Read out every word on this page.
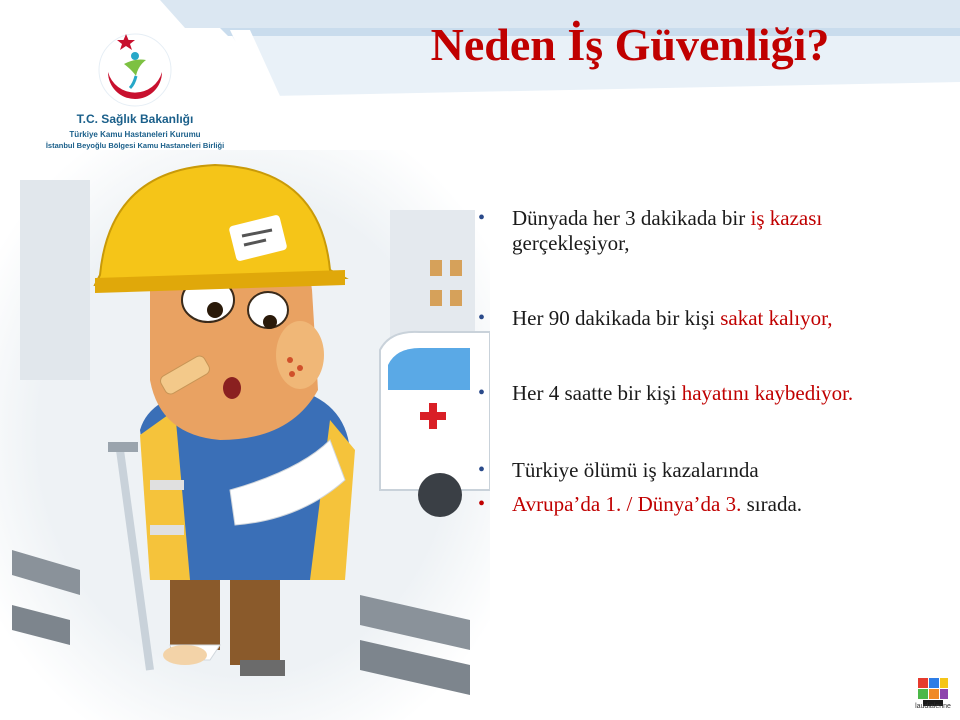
Neden İş Güvenliği?
T.C. Sağlık Bakanlığı
Türkiye Kamu Hastaneleri Kurumu
İstanbul Beyoğlu Bölgesi Kamu Hastaneleri Birliği
• Dünyada her 3 dakikada bir iş kazası gerçekleşiyor,
• Her 90 dakikada bir kişi sakat kalıyor,
• Her 4 saatte bir kişi hayatını kaybediyor.
• Türkiye ölümü iş kazalarında
• Avrupa’da 1. / Dünya’da 3. sırada.
laudialenne
